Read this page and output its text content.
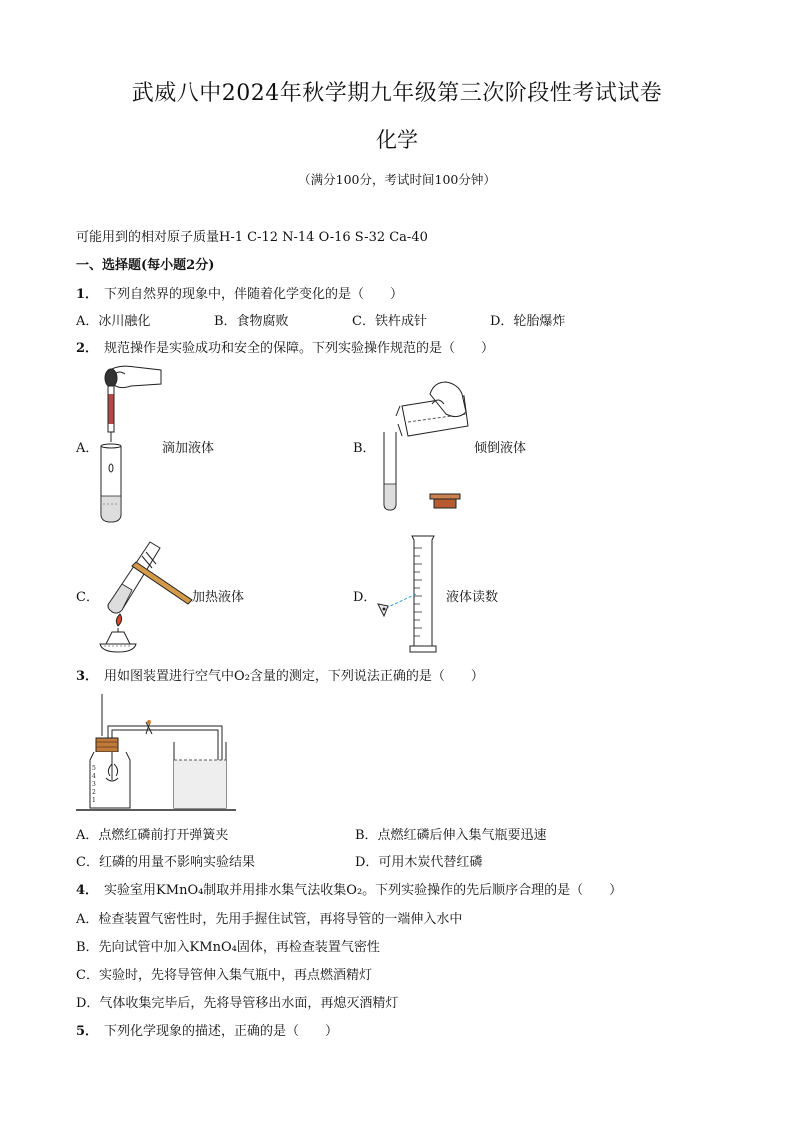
武威八中2024年秋学期九年级第三次阶段性考试试卷
化学
（满分100分，考试时间100分钟）
可能用到的相对原子质量H-1 C-12 N-14 O-16 S-32 Ca-40
一、选择题(每小题2分)
1． 下列自然界的现象中，伴随着化学变化的是（　　）
A．冰川融化	B．食物腐败	C．铁杵成针	D．轮胎爆炸
2． 规范操作是实验成功和安全的保障。下列实验操作规范的是（　　）
A．	滴加液体	B．	倾倒液体
C．	加热液体	D．	液体读数
3． 用如图装置进行空气中O₂含量的测定，下列说法正确的是（　　）
5
4
3
2
1
A．点燃红磷前打开弹簧夹	B．点燃红磷后伸入集气瓶要迅速
C．红磷的用量不影响实验结果	D．可用木炭代替红磷
4． 实验室用KMnO₄制取并用排水集气法收集O₂。下列实验操作的先后顺序合理的是（　　）
A．检查装置气密性时，先用手握住试管，再将导管的一端伸入水中
B．先向试管中加入KMnO₄固体，再检查装置气密性
C．实验时，先将导管伸入集气瓶中，再点燃酒精灯
D．气体收集完毕后，先将导管移出水面，再熄灭酒精灯
5． 下列化学现象的描述，正确的是（　　）
